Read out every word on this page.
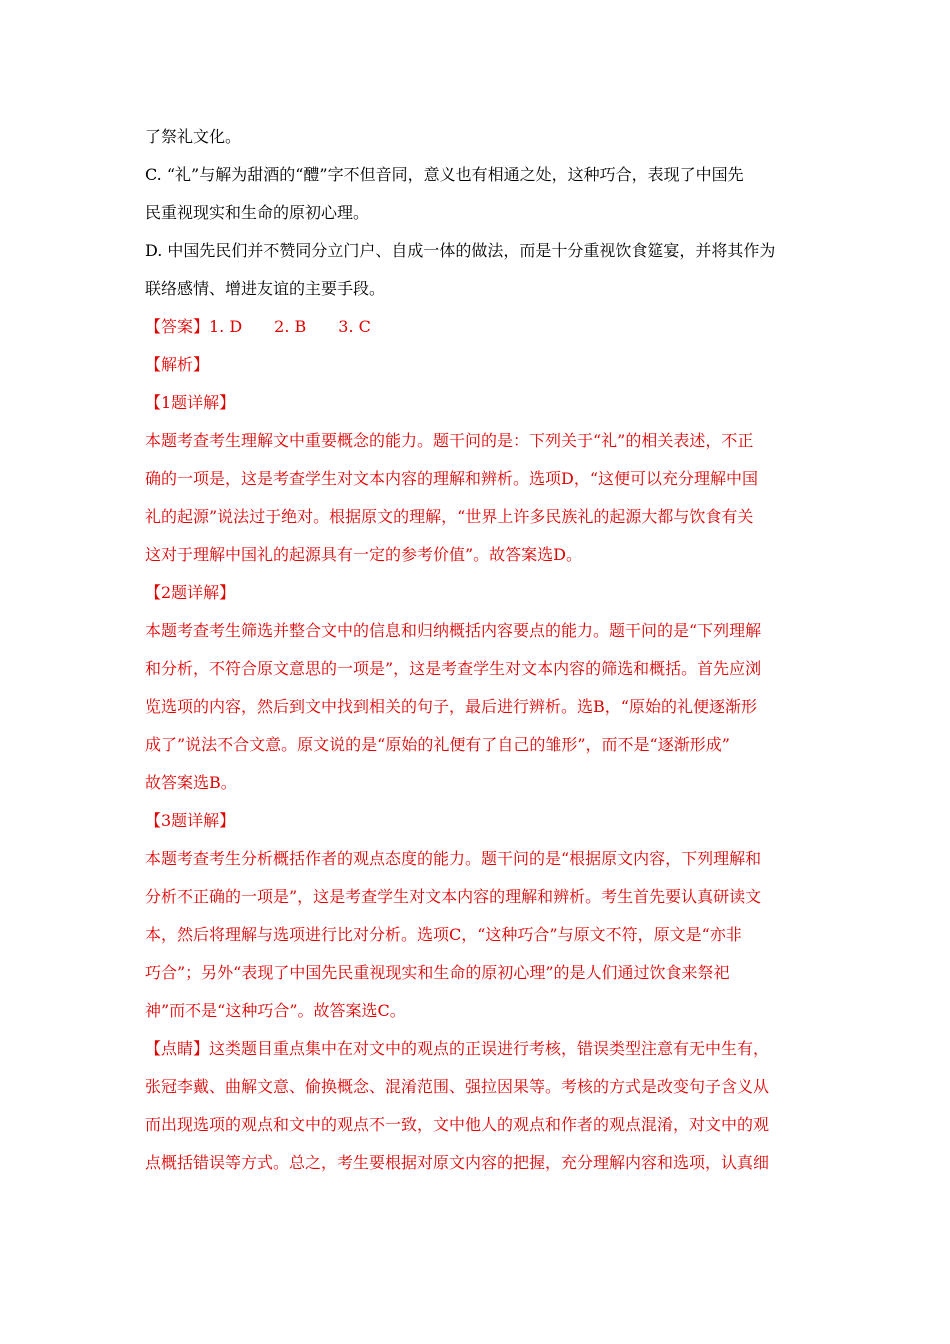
了祭礼文化。
C. “礼”与解为甜酒的“醴”字不但音同，意义也有相通之处，这种巧合，表现了中国先
民重视现实和生命的原初心理。
D. 中国先民们并不赞同分立门户、自成一体的做法，而是十分重视饮食筵宴，并将其作为
联络感情、增进友谊的主要手段。
【答案】1. D　　2. B　　3. C
【解析】
【1题详解】
本题考查考生理解文中重要概念的能力。题干问的是：下列关于“礼”的相关表述，不正
确的一项是，这是考查学生对文本内容的理解和辨析。选项D，“这便可以充分理解中国
礼的起源”说法过于绝对。根据原文的理解，“世界上许多民族礼的起源大都与饮食有关
这对于理解中国礼的起源具有一定的参考价值”。故答案选D。
【2题详解】
本题考查考生筛选并整合文中的信息和归纳概括内容要点的能力。题干问的是“下列理解
和分析，不符合原文意思的一项是”，这是考查学生对文本内容的筛选和概括。首先应浏
览选项的内容，然后到文中找到相关的句子，最后进行辨析。选B，“原始的礼便逐渐形
成了”说法不合文意。原文说的是“原始的礼便有了自己的雏形”，而不是“逐渐形成”
故答案选B。
【3题详解】
本题考查考生分析概括作者的观点态度的能力。题干问的是“根据原文内容，下列理解和
分析不正确的一项是”，这是考查学生对文本内容的理解和辨析。考生首先要认真研读文
本，然后将理解与选项进行比对分析。选项C，“这种巧合”与原文不符，原文是“亦非
巧合”；另外“表现了中国先民重视现实和生命的原初心理”的是人们通过饮食来祭祀
神”而不是“这种巧合”。故答案选C。
【点睛】这类题目重点集中在对文中的观点的正误进行考核，错误类型注意有无中生有，
张冠李戴、曲解文意、偷换概念、混淆范围、强拉因果等。考核的方式是改变句子含义从
而出现选项的观点和文中的观点不一致，文中他人的观点和作者的观点混淆，对文中的观
点概括错误等方式。总之，考生要根据对原文内容的把握，充分理解内容和选项，认真细
